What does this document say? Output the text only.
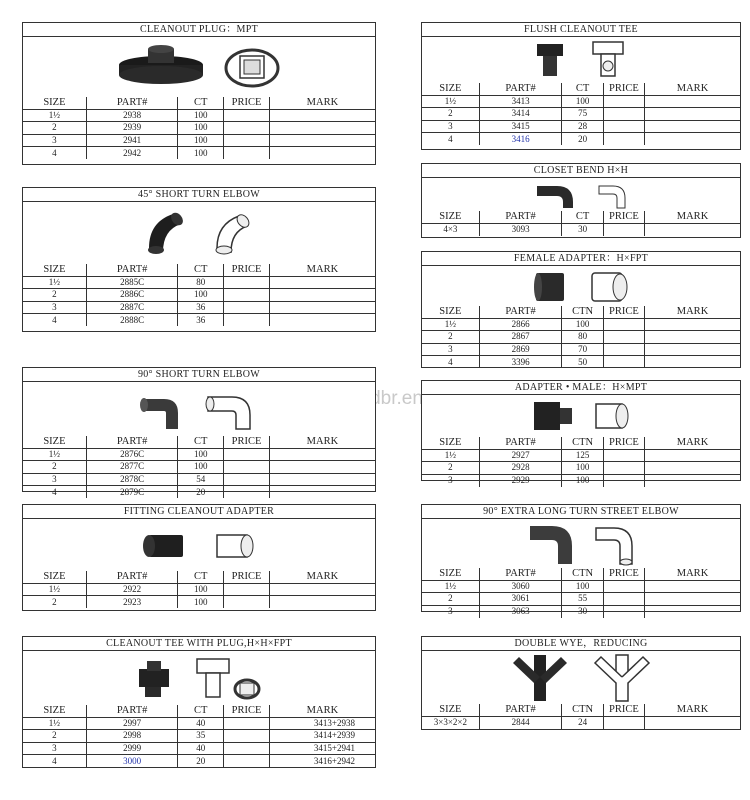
CLEANOUT PLUG：MPT
SIZE	PART#	CT	PRICE	MARK
1½	2938	100		
2	2939	100		
3	2941	100		
4	2942	100		
45° SHORT TURN ELBOW
SIZE	PART#	CT	PRICE	MARK
1½	2885C	80		
2	2886C	100		
3	2887C	36		
4	2888C	36		
90° SHORT TURN ELBOW
SIZE	PART#	CT	PRICE	MARK
1½	2876C	100		
2	2877C	100		
3	2878C	54		
4	2879C	20		
FITTING CLEANOUT ADAPTER
SIZE	PART#	CT	PRICE	MARK
1½	2922	100		
2	2923	100		
CLEANOUT TEE WITH PLUG,H×H×FPT
SIZE	PART#	CT	PRICE	MARK
1½	2997	40		3413+2938
2	2998	35		3414+2939
3	2999	40		3415+2941
4	3000	20		3416+2942
FLUSH CLEANOUT TEE
SIZE	PART#	CT	PRICE	MARK
1½	3413	100		
2	3414	75		
3	3415	28		
4	3416	20		
CLOSET BEND H×H
SIZE	PART#	CT	PRICE	MARK
4×3	3093	30		
FEMALE ADAPTER：H×FPT
SIZE	PART#	CTN	PRICE	MARK
1½	2866	100		
2	2867	80		
3	2869	70		
4	3396	50		
ADAPTER • MALE：H×MPT
SIZE	PART#	CTN	PRICE	MARK
1½	2927	125		
2	2928	100		
3	2929	100		
90° EXTRA LONG TURN STREET ELBOW
SIZE	PART#	CTN	PRICE	MARK
1½	3060	100		
2	3061	55		
3	3063	30		
DOUBLE WYE，REDUCING
SIZE	PART#	CTN	PRICE	MARK
3×3×2×2	2844	24		
